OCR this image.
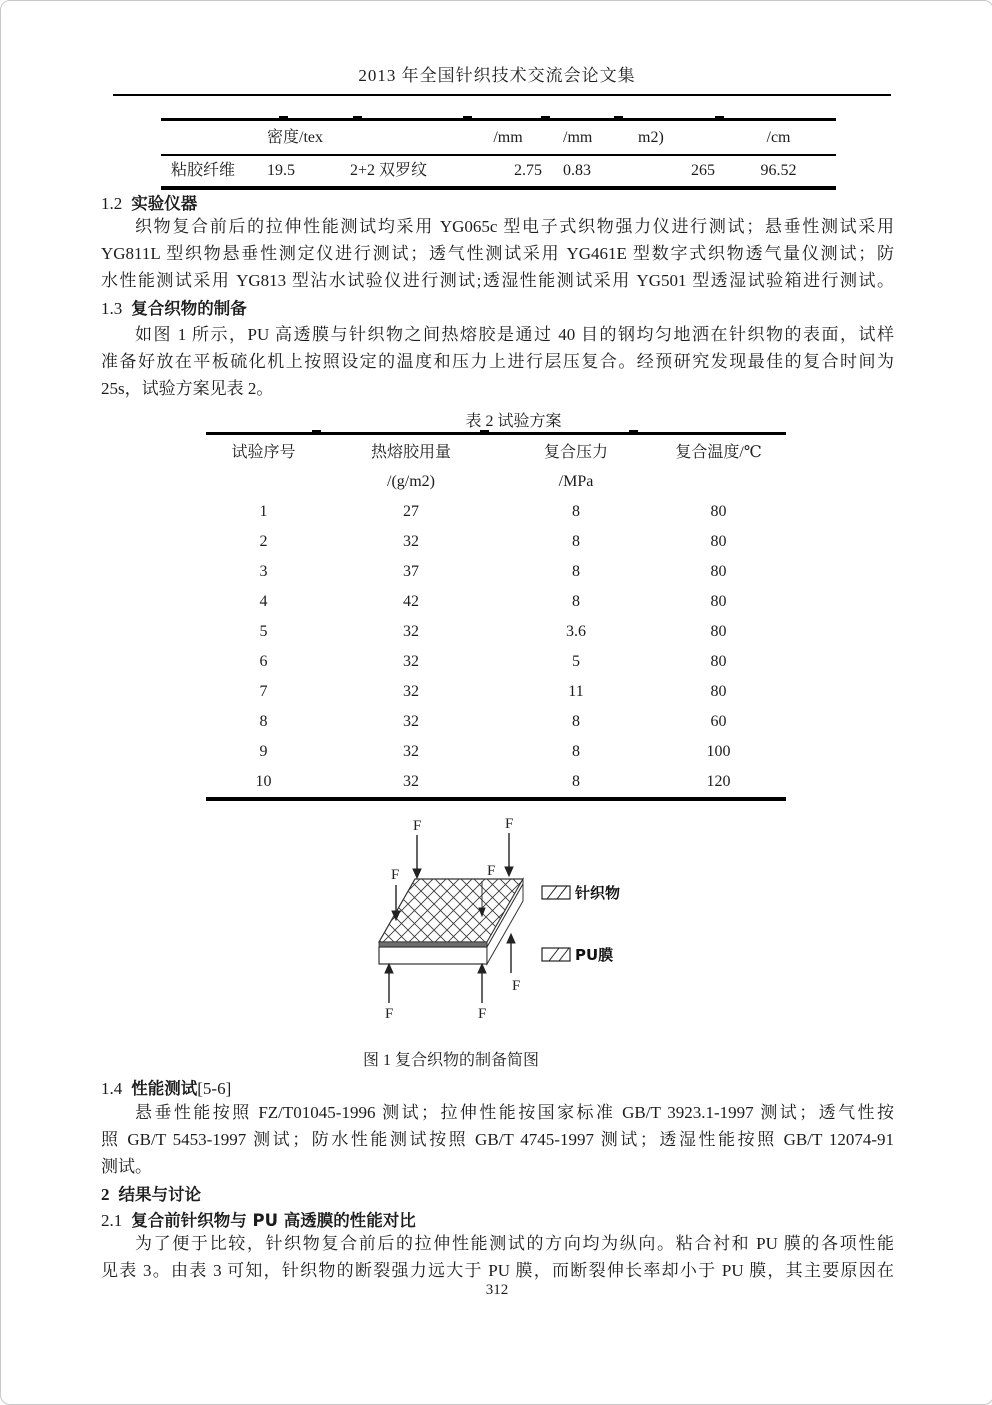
2013 年全国针织技术交流会论文集
密度/tex	/mm	/mm	m2)	/cm
粘胶纤维	19.5	2+2 双罗纹	2.75	0.83	265	96.52
1.2 实验仪器
织物复合前后的拉伸性能测试均采用 YG065c 型电子式织物强力仪进行测试；悬垂性测试采用
YG811L 型织物悬垂性测定仪进行测试；透气性测试采用 YG461E 型数字式织物透气量仪测试；防
水性能测试采用 YG813 型沾水试验仪进行测试;透湿性能测试采用 YG501 型透湿试验箱进行测试。
1.3 复合织物的制备
如图 1 所示，PU 高透膜与针织物之间热熔胶是通过 40 目的钢均匀地洒在针织物的表面，试样
准备好放在平板硫化机上按照设定的温度和压力上进行层压复合。经预研究发现最佳的复合时间为
25s，试验方案见表 2。
表 2 试验方案
试验序号	热熔胶用量	复合压力	复合温度/℃
/(g/m2)	/MPa
1	27	8	80
2	32	8	80
3	37	8	80
4	42	8	80
5	32	3.6	80
6	32	5	80
7	32	11	80
8	32	8	60
9	32	8	100
10	32	8	120
F	F
F	F
F
F	F
针织物
PU膜
图 1 复合织物的制备简图
1.4 性能测试[5-6]
悬垂性能按照 FZ/T01045-1996 测试；拉伸性能按国家标准 GB/T 3923.1-1997 测试；透气性按
照 GB/T 5453-1997 测试；防水性能测试按照 GB/T 4745-1997 测试；透湿性能按照 GB/T 12074-91
测试。
2 结果与讨论
2.1 复合前针织物与 PU 高透膜的性能对比
为了便于比较，针织物复合前后的拉伸性能测试的方向均为纵向。粘合衬和 PU 膜的各项性能
见表 3。由表 3 可知，针织物的断裂强力远大于 PU 膜，而断裂伸长率却小于 PU 膜，其主要原因在
312
